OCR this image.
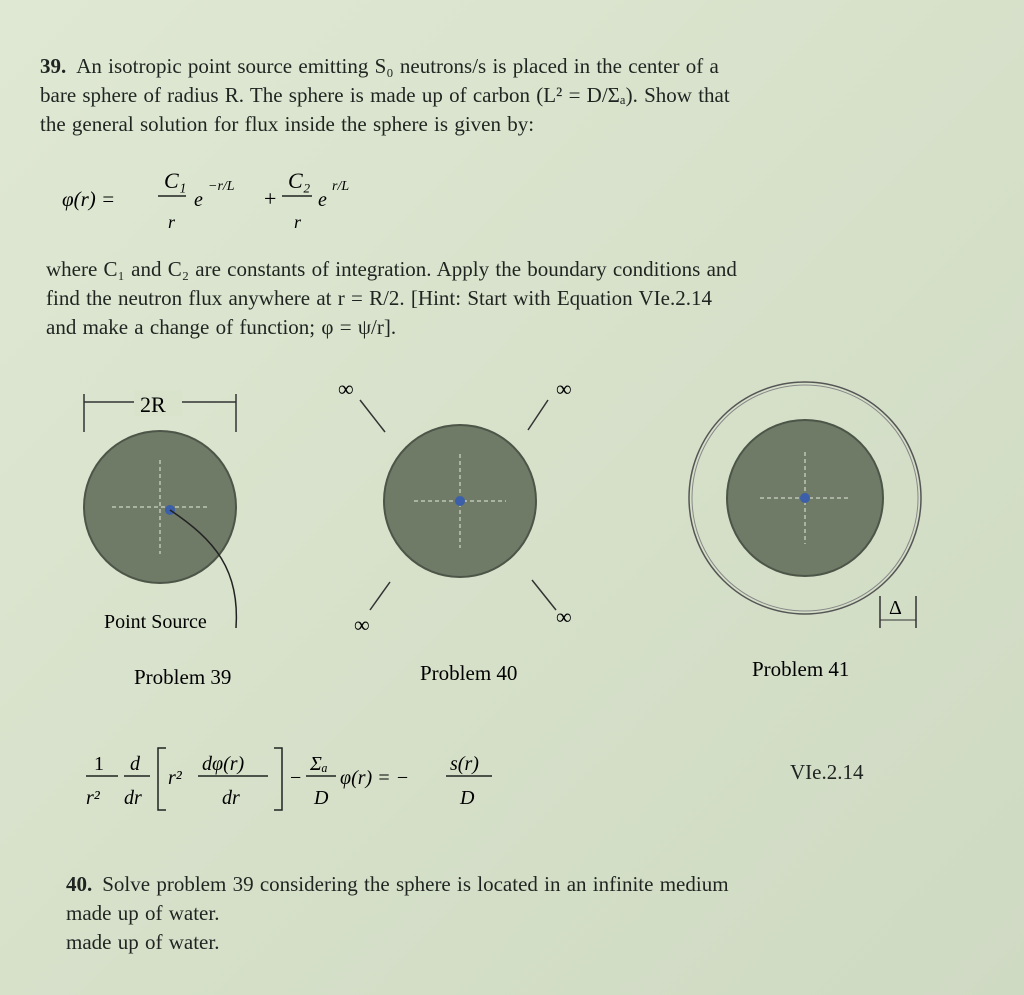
39. An isotropic point source emitting S₀ neutrons/s is placed in the center of a
bare sphere of radius R. The sphere is made up of carbon (L² = D/Σₐ). Show that
the general solution for flux inside the sphere is given by:
φ(r) =
C₁
r
e
−r/L +
C₂
r
e
r/L
where C₁ and C₂ are constants of integration. Apply the boundary conditions and
find the neutron flux anywhere at r = R/2. [Hint: Start with Equation VIe.2.14
and make a change of function; φ = ψ/r].
2R
Point Source
Problem 39
∞	∞
∞	∞
Problem 40
Δ
Problem 41
1
r²
d
dr
r²
dφ(r)
dr
−
Σₐ
D
φ(r) = −
s(r)
D
VIe.2.14
40. Solve problem 39 considering the sphere is located in an infinite medium
made up of water.
made up of water.
